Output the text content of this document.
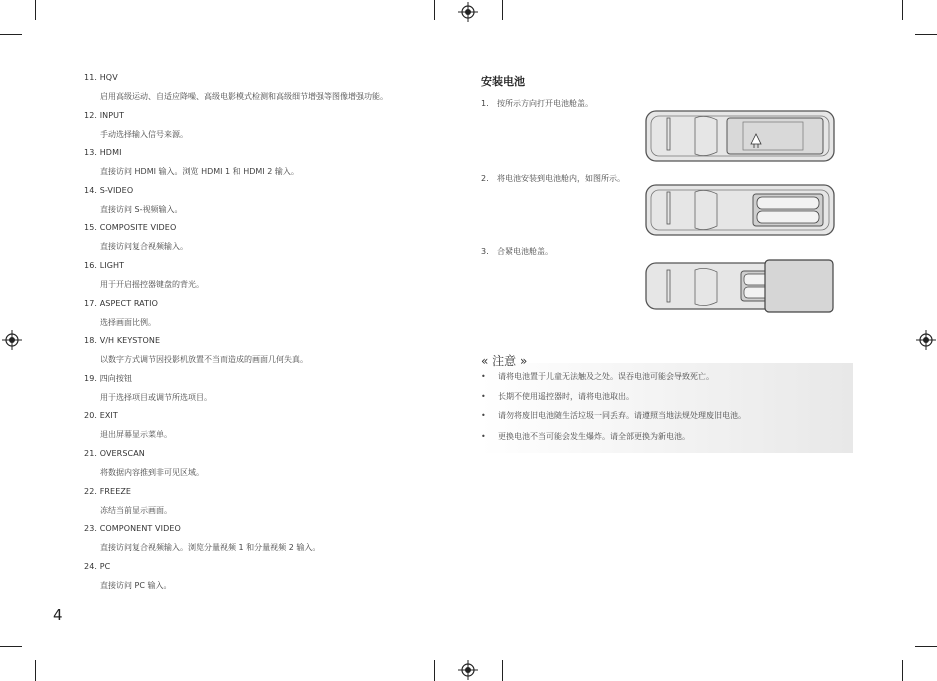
11. HQV
启用高级运动、自适应降噪、高级电影模式检测和高级细节增强等图像增强功能。
12. INPUT
手动选择输入信号来源。
13. HDMI
直接访问 HDMI 输入。浏览 HDMI 1 和 HDMI 2 输入。
14. S-VIDEO
直接访问 S-视频输入。
15. COMPOSITE VIDEO
直接访问复合视频输入。
16. LIGHT
用于开启摇控器键盘的背光。
17. ASPECT RATIO
选择画面比例。
18. V/H KEYSTONE
以数字方式调节因投影机放置不当而造成的画面几何失真。
19. 四向按钮
用于选择项目或调节所选项目。
20. EXIT
退出屏幕显示菜单。
21. OVERSCAN
将数据内容推到非可见区域。
22. FREEZE
冻结当前显示画面。
23. COMPONENT VIDEO
直接访问复合视频输入。浏览分量视频 1 和分量视频 2 输入。
24. PC
直接访问 PC 输入。
4
安装电池
1. 按所示方向打开电池舱盖。
2. 将电池安装到电池舱内，如图所示。
3. 合紧电池舱盖。
« 注意 »
• 请将电池置于儿童无法触及之处。误吞电池可能会导致死亡。
• 长期不使用遥控器时，请将电池取出。
• 请勿将废旧电池随生活垃圾一同丢弃。请遵照当地法规处理废旧电池。
• 更换电池不当可能会发生爆炸。请全部更换为新电池。
